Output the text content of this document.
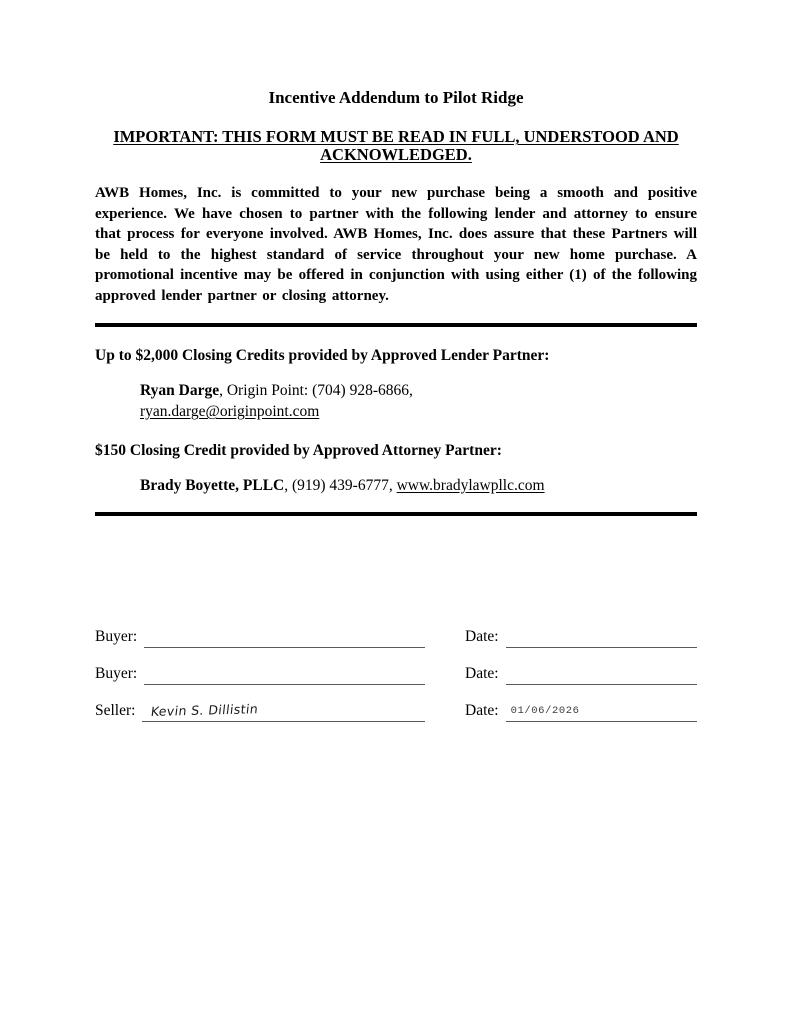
Incentive Addendum to Pilot Ridge
IMPORTANT: THIS FORM MUST BE READ IN FULL, UNDERSTOOD AND
ACKNOWLEDGED.
AWB Homes, Inc. is committed to your new purchase being a smooth and positive experience. We have chosen to partner with the following lender and attorney to ensure that process for everyone involved. AWB Homes, Inc. does assure that these Partners will be held to the highest standard of service throughout your new home purchase. A promotional incentive may be offered in conjunction with using either (1) of the following approved lender partner or closing attorney.
Up to $2,000 Closing Credits provided by Approved Lender Partner:
Ryan Darge, Origin Point: (704) 928-6866,
ryan.darge@originpoint.com
$150 Closing Credit provided by Approved Attorney Partner:
Brady Boyette, PLLC, (919) 439-6777, www.bradylawpllc.com
Buyer:	Date:
Buyer:	Date:
Seller: Kevin S. Dillistin	Date: 01/06/2026
